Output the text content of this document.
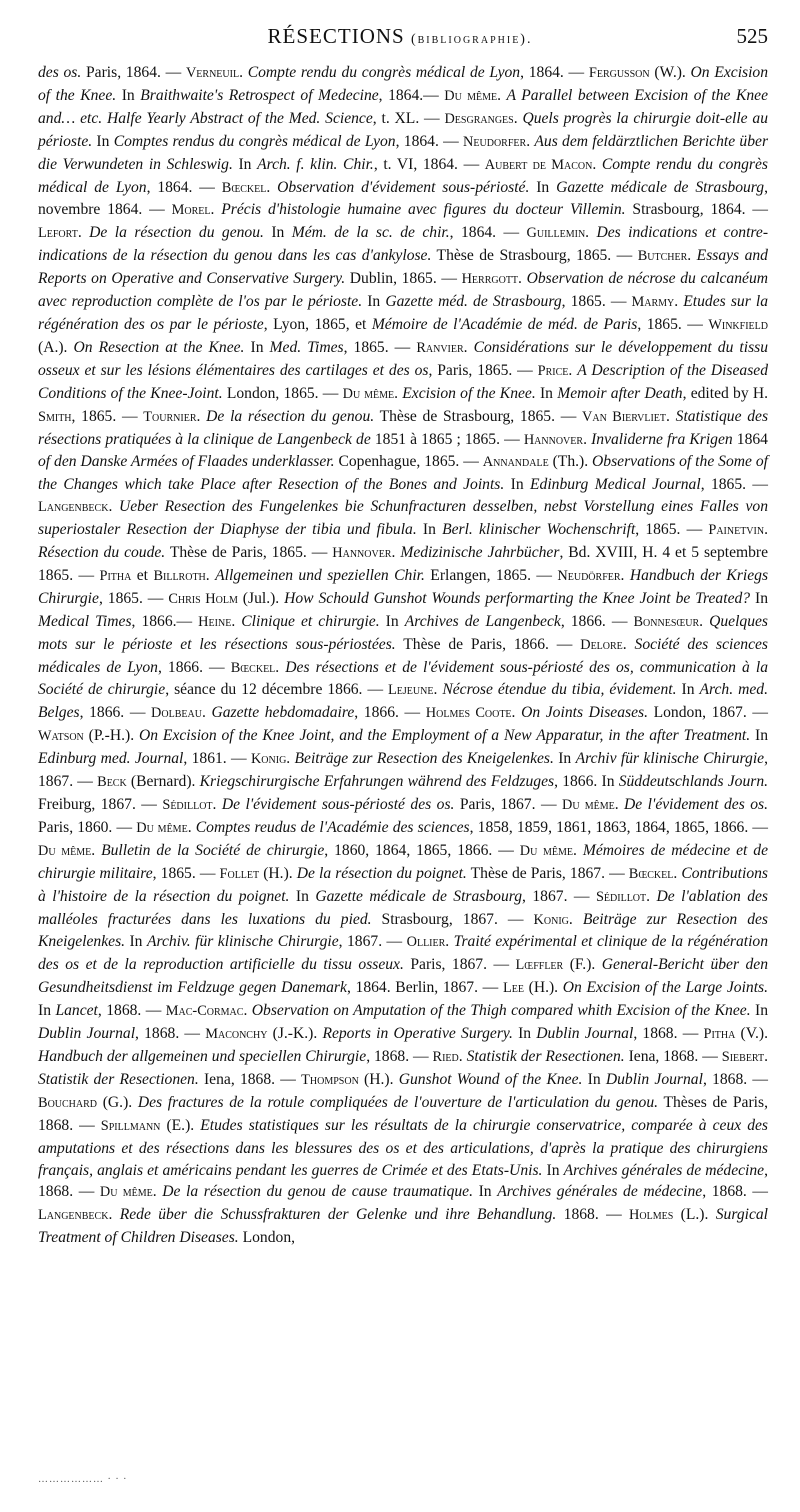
RÉSECTIONS (bibliographie).	525

des os. Paris, 1864. — Verneuil. Compte rendu du congrès médical de Lyon, 1864. — Fergusson (W.). On Excision of the Knee. In Braithwaite's Retrospect of Medecine, 1864.— Du même. A Parallel between Excision of the Knee and… etc. Halfe Yearly Abstract of the Med. Science, t. XL. — Desgranges. Quels progrès la chirurgie doit-elle au périoste. In Comptes rendus du congrès médical de Lyon, 1864. — Neudorfer. Aus dem feldärztlichen Berichte über die Verwundeten in Schleswig. In Arch. f. klin. Chir., t. VI, 1864. — Aubert de Macon. Compte rendu du congrès médical de Lyon, 1864. — Bœckel. Observation d'évidement sous-périosté. In Gazette médicale de Strasbourg, novembre 1864. — Morel. Précis d'histologie humaine avec figures du docteur Villemin. Strasbourg, 1864. — Lefort. De la résection du genou. In Mém. de la sc. de chir., 1864. — Guillemin. Des indications et contre-indications de la résection du genou dans les cas d'ankylose. Thèse de Strasbourg, 1865. — Butcher. Essays and Reports on Operative and Conservative Surgery. Dublin, 1865. — Herrgott. Observation de nécrose du calcanéum avec reproduction complète de l'os par le périoste. In Gazette méd. de Strasbourg, 1865. — Marmy. Etudes sur la régénération des os par le périoste, Lyon, 1865, et Mémoire de l'Académie de méd. de Paris, 1865. — Winkfield (A.). On Resection at the Knee. In Med. Times, 1865. — Ranvier. Considérations sur le développement du tissu osseux et sur les lésions élémentaires des cartilages et des os, Paris, 1865. — Price. A Description of the Diseased Conditions of the Knee-Joint. London, 1865. — Du même. Excision of the Knee. In Memoir after Death, edited by H. Smith, 1865. — Tournier. De la résection du genou. Thèse de Strasbourg, 1865. — Van Biervliet. Statistique des résections pratiquées à la clinique de Langenbeck de 1851 à 1865 ; 1865. — Hannover. Invaliderne fra Krigen 1864 of den Danske Armées of Flaades underklasser. Copenhague, 1865. — Annandale (Th.). Observations of the Some of the Changes which take Place after Resection of the Bones and Joints. In Edinburg Medical Journal, 1865. — Langenbeck. Ueber Resection des Fungelenkes bie Schunfracturen desselben, nebst Vorstellung eines Falles von superiostaler Resection der Diaphyse der tibia und fibula. In Berl. klinischer Wochenschrift, 1865. — Painetvin. Résection du coude. Thèse de Paris, 1865. — Hannover. Medizinische Jahrbücher, Bd. XVIII, H. 4 et 5 septembre 1865. — Pitha et Billroth. Allgemeinen und speziellen Chir. Erlangen, 1865. — Neudörfer. Handbuch der Kriegs Chirurgie, 1865. — Chris Holm (Jul.). How Schould Gunshot Wounds performarting the Knee Joint be Treated? In Medical Times, 1866.— Heine. Clinique et chirurgie. In Archives de Langenbeck, 1866. — Bonnesœur. Quelques mots sur le périoste et les résections sous-périostées. Thèse de Paris, 1866. — Delore. Société des sciences médicales de Lyon, 1866. — Bœckel. Des résections et de l'évidement sous-périosté des os, communication à la Société de chirurgie, séance du 12 décembre 1866. — Lejeune. Nécrose étendue du tibia, évidement. In Arch. med. Belges, 1866. — Dolbeau. Gazette hebdomadaire, 1866. — Holmes Coote. On Joints Diseases. London, 1867. — Watson (P.-H.). On Excision of the Knee Joint, and the Employment of a New Apparatur, in the after Treatment. In Edinburg med. Journal, 1861. — Konig. Beiträge zur Resection des Kneigelenkes. In Archiv für klinische Chirurgie, 1867. — Beck (Bernard). Kriegschirurgische Erfahrungen während des Feldzuges, 1866. In Süddeutschlands Journ. Freiburg, 1867. — Sédillot. De l'évidement sous-périosté des os. Paris, 1867. — Du même. De l'évidement des os. Paris, 1860. — Du même. Comptes reudus de l'Académie des sciences, 1858, 1859, 1861, 1863, 1864, 1865, 1866. — Du même. Bulletin de la Société de chirurgie, 1860, 1864, 1865, 1866. — Du même. Mémoires de médecine et de chirurgie militaire, 1865. — Follet (H.). De la résection du poignet. Thèse de Paris, 1867. — Bœckel. Contributions à l'histoire de la résection du poignet. In Gazette médicale de Strasbourg, 1867. — Sédillot. De l'ablation des malléoles fracturées dans les luxations du pied. Strasbourg, 1867. — Konig. Beiträge zur Resection des Kneigelenkes. In Archiv. für klinische Chirurgie, 1867. — Ollier. Traité expérimental et clinique de la régénération des os et de la reproduction artificielle du tissu osseux. Paris, 1867. — Lœffler (F.). General-Bericht über den Gesundheitsdienst im Feldzuge gegen Danemark, 1864. Berlin, 1867. — Lee (H.). On Excision of the Large Joints. In Lancet, 1868. — Mac-Cormac. Observation on Amputation of the Thigh compared whith Excision of the Knee. In Dublin Journal, 1868. — Maconchy (J.-K.). Reports in Operative Surgery. In Dublin Journal, 1868. — Pitha (V.). Handbuch der allgemeinen und speciellen Chirurgie, 1868. — Ried. Statistik der Resectionen. Iena, 1868. — Siebert. Statistik der Resectionen. Iena, 1868. — Thompson (H.). Gunshot Wound of the Knee. In Dublin Journal, 1868. — Bouchard (G.). Des fractures de la rotule compliquées de l'ouverture de l'articulation du genou. Thèses de Paris, 1868. — Spillmann (E.). Etudes statistiques sur les résultats de la chirurgie conservatrice, comparée à ceux des amputations et des résections dans les blessures des os et des articulations, d'après la pratique des chirurgiens français, anglais et américains pendant les guerres de Crimée et des Etats-Unis. In Archives générales de médecine, 1868. — Du même. De la résection du genou de cause traumatique. In Archives générales de médecine, 1868. — Langenbeck. Rede über die Schussfrakturen der Gelenke und ihre Behandlung. 1868. — Holmes (L.). Surgical Treatment of Children Diseases. London,

……………… · · ·
